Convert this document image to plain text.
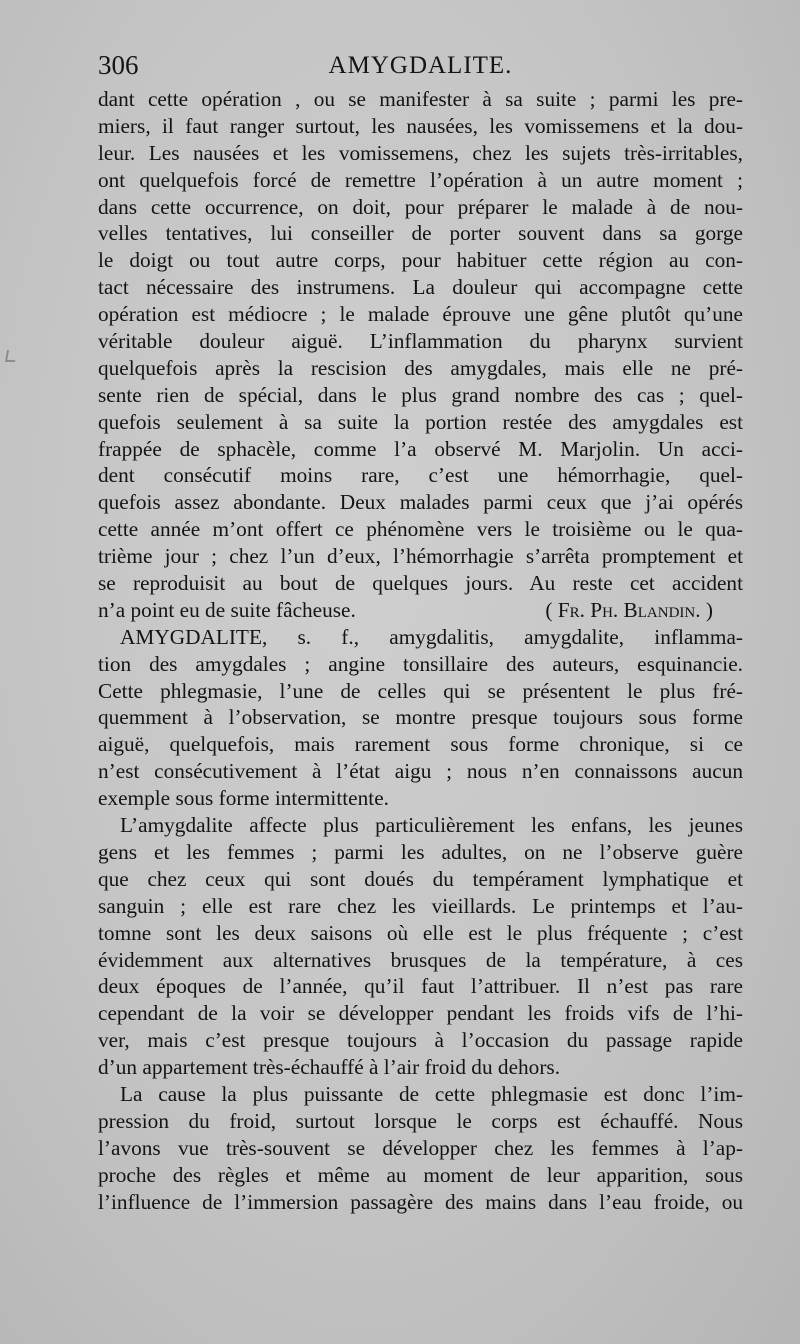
306	AMYGDALITE.
dant cette opération , ou se manifester à sa suite ; parmi les pre-
miers, il faut ranger surtout, les nausées, les vomissemens et la dou-
leur. Les nausées et les vomissemens, chez les sujets très-irritables,
ont quelquefois forcé de remettre l’opération à un autre moment ;
dans cette occurrence, on doit, pour préparer le malade à de nou-
velles tentatives, lui conseiller de porter souvent dans sa gorge
le doigt ou tout autre corps, pour habituer cette région au con-
tact nécessaire des instrumens. La douleur qui accompagne cette
opération est médiocre ; le malade éprouve une gêne plutôt qu’une
véritable douleur aiguë. L’inflammation du pharynx survient
quelquefois après la rescision des amygdales, mais elle ne pré-
sente rien de spécial, dans le plus grand nombre des cas ; quel-
quefois seulement à sa suite la portion restée des amygdales est
frappée de sphacèle, comme l’a observé M. Marjolin. Un acci-
dent consécutif moins rare, c’est une hémorrhagie, quel-
quefois assez abondante. Deux malades parmi ceux que j’ai opérés
cette année m’ont offert ce phénomène vers le troisième ou le qua-
trième jour ; chez l’un d’eux, l’hémorrhagie s’arrêta promptement et
se reproduisit au bout de quelques jours. Au reste cet accident
n’a point eu de suite fâcheuse.	( Fr. Ph. Blandin. )
AMYGDALITE, s. f., amygdalitis, amygdalite, inflamma-
tion des amygdales ; angine tonsillaire des auteurs, esquinancie.
Cette phlegmasie, l’une de celles qui se présentent le plus fré-
quemment à l’observation, se montre presque toujours sous forme
aiguë, quelquefois, mais rarement sous forme chronique, si ce
n’est consécutivement à l’état aigu ; nous n’en connaissons aucun
exemple sous forme intermittente.
L’amygdalite affecte plus particulièrement les enfans, les jeunes
gens et les femmes ; parmi les adultes, on ne l’observe guère
que chez ceux qui sont doués du tempérament lymphatique et
sanguin ; elle est rare chez les vieillards. Le printemps et l’au-
tomne sont les deux saisons où elle est le plus fréquente ; c’est
évidemment aux alternatives brusques de la température, à ces
deux époques de l’année, qu’il faut l’attribuer. Il n’est pas rare
cependant de la voir se développer pendant les froids vifs de l’hi-
ver, mais c’est presque toujours à l’occasion du passage rapide
d’un appartement très-échauffé à l’air froid du dehors.
La cause la plus puissante de cette phlegmasie est donc l’im-
pression du froid, surtout lorsque le corps est échauffé. Nous
l’avons vue très-souvent se développer chez les femmes à l’ap-
proche des règles et même au moment de leur apparition, sous
l’influence de l’immersion passagère des mains dans l’eau froide, ou
